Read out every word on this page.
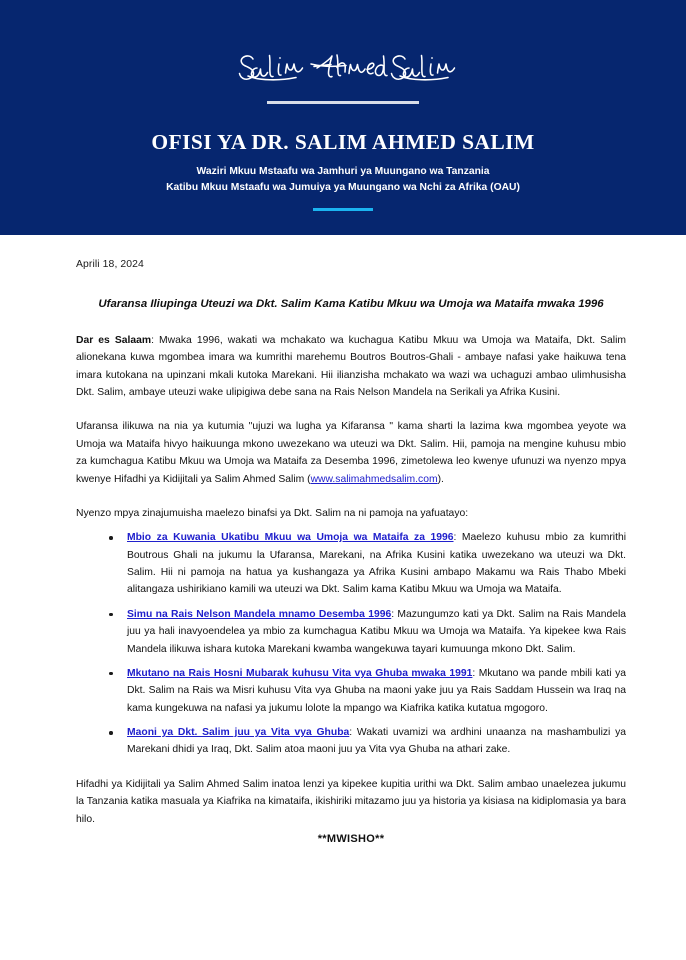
OFISI YA DR. SALIM AHMED SALIM
Waziri Mkuu Mstaafu wa Jamhuri ya Muungano wa Tanzania
Katibu Mkuu Mstaafu wa Jumuiya ya Muungano wa Nchi za Afrika (OAU)

Aprili 18, 2024

Ufaransa Iliupinga Uteuzi wa Dkt. Salim Kama Katibu Mkuu wa Umoja wa Mataifa mwaka 1996

Dar es Salaam: Mwaka 1996, wakati wa mchakato wa kuchagua Katibu Mkuu wa Umoja wa Mataifa, Dkt. Salim alionekana kuwa mgombea imara wa kumrithi marehemu Boutros Boutros-Ghali - ambaye nafasi yake haikuwa tena imara kutokana na upinzani mkali kutoka Marekani. Hii ilianzisha mchakato wa wazi wa uchaguzi ambao ulimhusisha Dkt. Salim, ambaye uteuzi wake ulipigiwa debe sana na Rais Nelson Mandela na Serikali ya Afrika Kusini.

Ufaransa ilikuwa na nia ya kutumia "ujuzi wa lugha ya Kifaransa " kama sharti la lazima kwa mgombea yeyote wa Umoja wa Mataifa hivyo haikuunga mkono uwezekano wa uteuzi wa Dkt. Salim. Hii, pamoja na mengine kuhusu mbio za kumchagua Katibu Mkuu wa Umoja wa Mataifa za Desemba 1996, zimetolewa leo kwenye ufunuzi wa nyenzo mpya kwenye Hifadhi ya Kidijitali ya Salim Ahmed Salim (www.salimahmedsalim.com).

Nyenzo mpya zinajumuisha maelezo binafsi ya Dkt. Salim na ni pamoja na yafuatayo:

Mbio za Kuwania Ukatibu Mkuu wa Umoja wa Mataifa za 1996: Maelezo kuhusu mbio za kumrithi Boutrous Ghali na jukumu la Ufaransa, Marekani, na Afrika Kusini katika uwezekano wa uteuzi wa Dkt. Salim. Hii ni pamoja na hatua ya kushangaza ya Afrika Kusini ambapo Makamu wa Rais Thabo Mbeki alitangaza ushirikiano kamili wa uteuzi wa Dkt. Salim kama Katibu Mkuu wa Umoja wa Mataifa.
Simu na Rais Nelson Mandela mnamo Desemba 1996: Mazungumzo kati ya Dkt. Salim na Rais Mandela juu ya hali inavyoendelea ya mbio za kumchagua Katibu Mkuu wa Umoja wa Mataifa. Ya kipekee kwa Rais Mandela ilikuwa ishara kutoka Marekani kwamba wangekuwa tayari kumuunga mkono Dkt. Salim.
Mkutano na Rais Hosni Mubarak kuhusu Vita vya Ghuba mwaka 1991: Mkutano wa pande mbili kati ya Dkt. Salim na Rais wa Misri kuhusu Vita vya Ghuba na maoni yake juu ya Rais Saddam Hussein wa Iraq na kama kungekuwa na nafasi ya jukumu lolote la mpango wa Kiafrika katika kutatua mgogoro.
Maoni ya Dkt. Salim juu ya Vita vya Ghuba: Wakati uvamizi wa ardhini unaanza na mashambulizi ya Marekani dhidi ya Iraq, Dkt. Salim atoa maoni juu ya Vita vya Ghuba na athari zake.

Hifadhi ya Kidijitali ya Salim Ahmed Salim inatoa lenzi ya kipekee kupitia urithi wa Dkt. Salim ambao unaelezea jukumu la Tanzania katika masuala ya Kiafrika na kimataifa, ikishiriki mitazamo juu ya historia ya kisiasa na kidiplomasia ya bara hilo.

**MWISHO**
